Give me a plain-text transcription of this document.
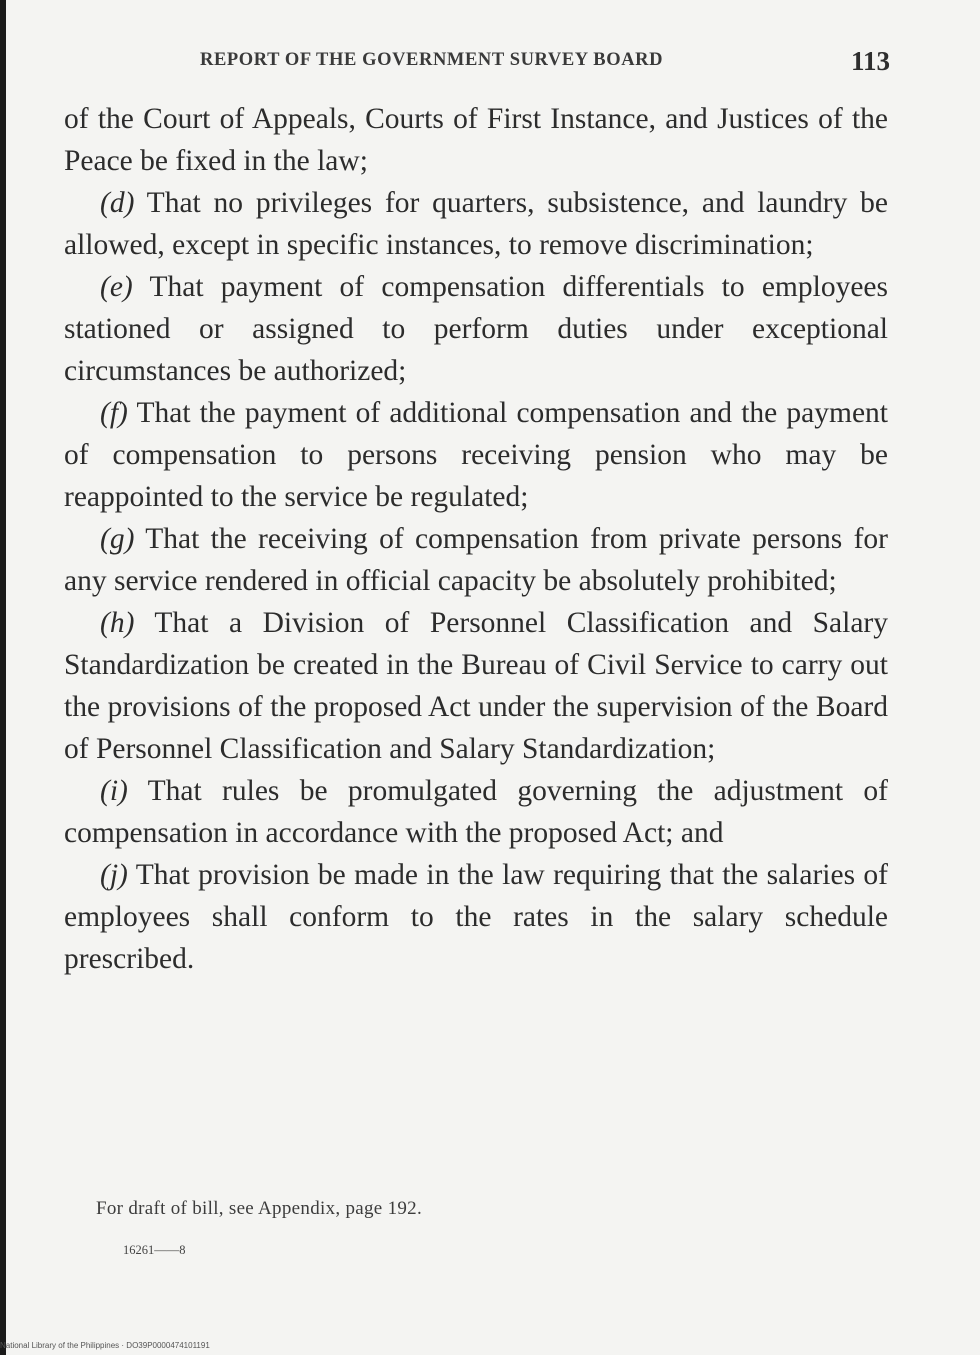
REPORT OF THE GOVERNMENT SURVEY BOARD	113

of the Court of Appeals, Courts of First Instance, and Justices of the Peace be fixed in the law;

(d) That no privileges for quarters, subsistence, and laundry be allowed, except in specific instances, to remove discrimination;

(e) That payment of compensation differentials to employees stationed or assigned to perform duties under exceptional circumstances be authorized;

(f) That the payment of additional compensation and the payment of compensation to persons receiving pension who may be reappointed to the service be regulated;

(g) That the receiving of compensation from private persons for any service rendered in official capacity be absolutely prohibited;

(h) That a Division of Personnel Classification and Salary Standardization be created in the Bureau of Civil Service to carry out the provisions of the proposed Act under the supervision of the Board of Personnel Classification and Salary Standardization;

(i) That rules be promulgated governing the adjustment of compensation in accordance with the proposed Act; and

(j) That provision be made in the law requiring that the salaries of employees shall conform to the rates in the salary schedule prescribed.

For draft of bill, see Appendix, page 192.
16261——8
National Library of the Philippines · DO39P0000474101191
